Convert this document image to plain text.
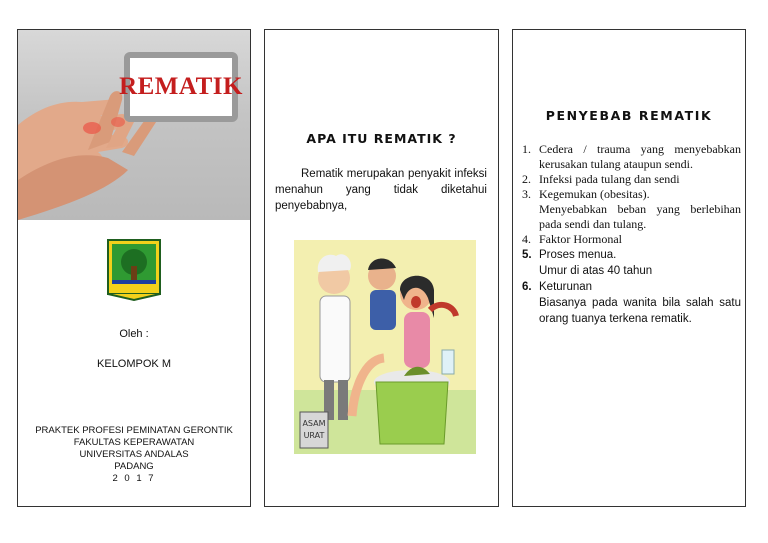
REMATIK
Oleh :
KELOMPOK M
PRAKTEK PROFESI PEMINATAN GERONTIK
FAKULTAS KEPERAWATAN
UNIVERSITAS ANDALAS
PADANG
2 0 1 7
APA ITU REMATIK ?
Rematik merupakan penyakit infeksi menahun yang tidak diketahui penyebabnya,
ASAM
URAT
PENYEBAB REMATIK
1. Cedera / trauma yang menyebabkan kerusakan tulang ataupun sendi.
2. Infeksi pada tulang dan sendi
3. Kegemukan (obesitas).
Menyebabkan beban yang berlebihan pada sendi dan tulang.
4. Faktor Hormonal
5. Proses menua.
Umur di atas 40 tahun
6. Keturunan
Biasanya pada wanita bila salah satu orang tuanya terkena rematik.
